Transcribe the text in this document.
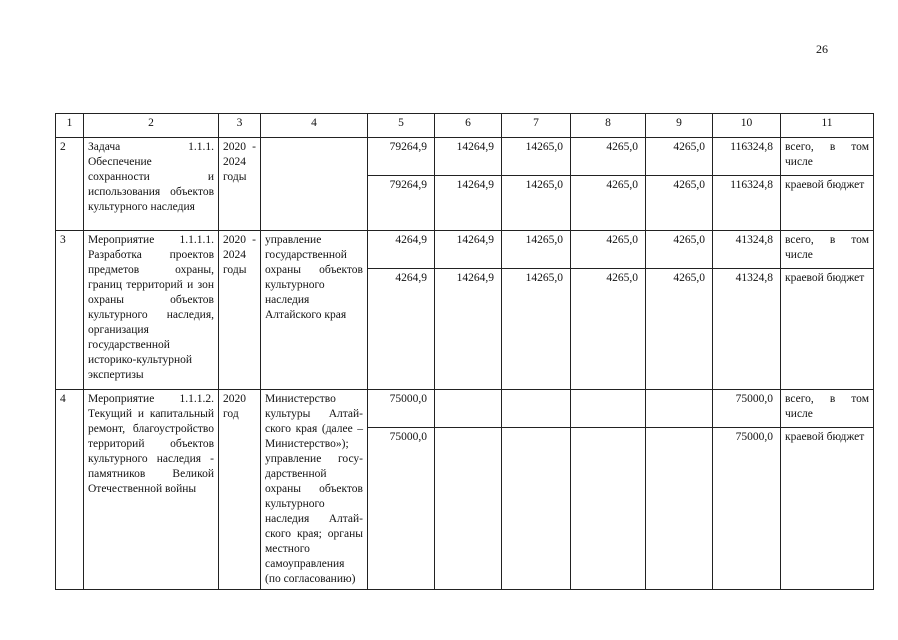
26
1	2	3	4	5	6	7	8	9	10	11
2	Задача 1.1.1. Обеспечение сохранности и использования объектов культурного наследия	2020 - 2024 годы		79264,9	14264,9	14265,0	4265,0	4265,0	116324,8	всего, в том числе
				79264,9	14264,9	14265,0	4265,0	4265,0	116324,8	краевой бюджет
3	Мероприятие 1.1.1.1. Разработка проектов предметов охраны, границ территорий и зон охраны объектов культурного наследия, организация государственной историко-культурной экспертизы	2020 - 2024 годы	управление государственной охраны объектов культурного наследия Алтайского края	4264,9	14264,9	14265,0	4265,0	4265,0	41324,8	всего, в том числе
				4264,9	14264,9	14265,0	4265,0	4265,0	41324,8	краевой бюджет
4	Мероприятие 1.1.1.2. Текущий и капитальный ремонт, благоустройство территорий объектов культурного наследия - памятников Великой Отечественной войны	2020 год	Министерство культуры Алтай-ского края (далее – Министерство»); управление госу-дарственной охраны объектов культурного наследия Алтай-ского края; органы местного самоуправления (по согласованию)	75000,0					75000,0	всего, в том числе
				75000,0					75000,0	краевой бюджет
